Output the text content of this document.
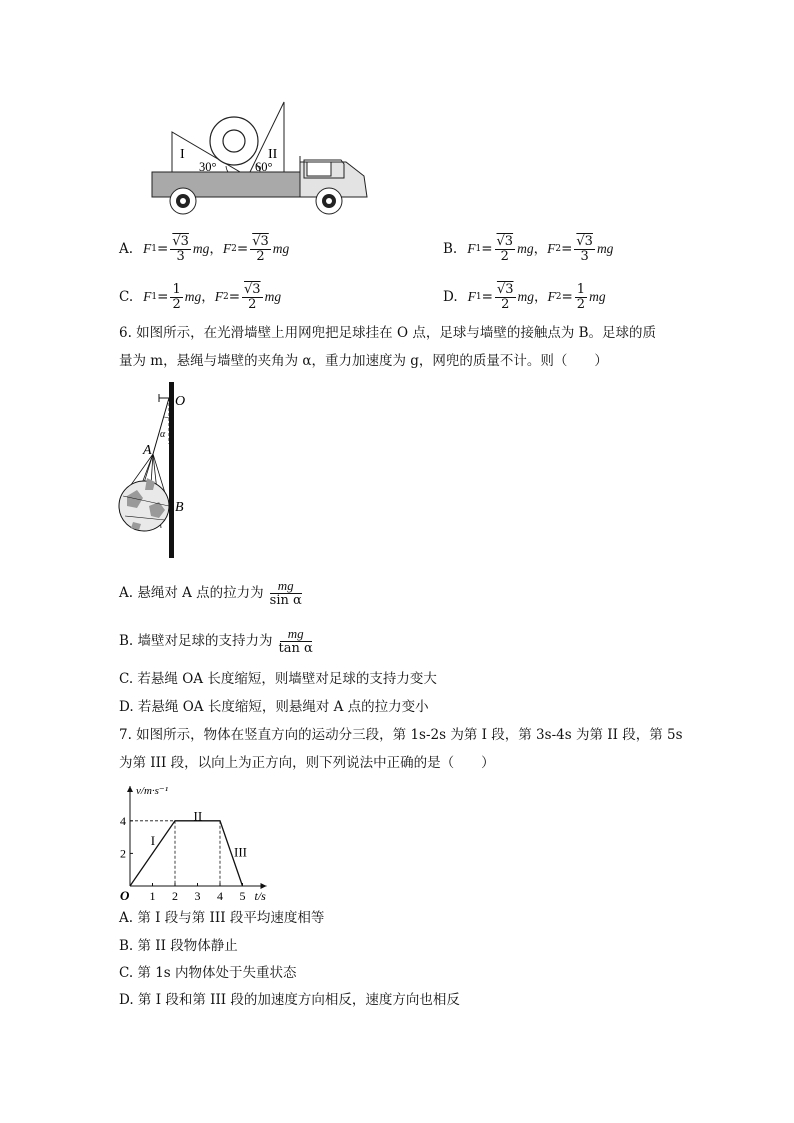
I	II
30°	60°
A. F $1 = \frac{√3}{3}$ mg ， F $2 = \frac{√3}{2}$ mg	B. F $1 = \frac{√3}{2}$ mg ， F $2 = \frac{√3}{3}$ mg
C. F $1 = \frac{1}{2}$ mg ， F $2 = \frac{√3}{2}$ mg	D. F $1 = \frac{√3}{2}$ mg ， F $2 = \frac{1}{2}$ mg
6. 如图所示，在光滑墙壁上用网兜把足球挂在 O 点，足球与墙壁的接触点为 B。足球的质
量为 m，悬绳与墙壁的夹角为 α，重力加速度为 g，网兜的质量不计。则（　　）
O
A
B
α
A. 悬绳对 A 点的拉力为 $\frac{mg}{\text{sin α}}$
B. 墙壁对足球的支持力为 $\frac{mg}{\text{tan α}}$
C. 若悬绳 OA 长度缩短，则墙壁对足球的支持力变大
D. 若悬绳 OA 长度缩短，则悬绳对 A 点的拉力变小
7. 如图所示，物体在竖直方向的运动分三段，第 1s-2s 为第 I 段，第 3s-4s 为第 II 段，第 5s
为第 III 段，以向上为正方向，则下列说法中正确的是（　　）
t/s
v/m·s⁻¹
O 1 2 3 4 5
2
4
I
II
III
A. 第 I 段与第 III 段平均速度相等
B. 第 II 段物体静止
C. 第 1s 内物体处于失重状态
D. 第 I 段和第 III 段的加速度方向相反，速度方向也相反
